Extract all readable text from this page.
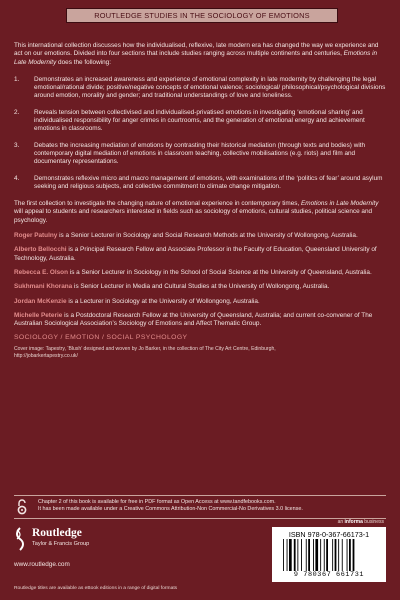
ROUTLEDGE STUDIES IN THE SOCIOLOGY OF EMOTIONS

This international collection discusses how the individualised, reflexive, late modern era has changed the way we experience and act on our emotions. Divided into four sections that include studies ranging across multiple continents and centuries, Emotions in Late Modernity does the following:

1. Demonstrates an increased awareness and experience of emotional complexity in late modernity by challenging the legal emotional/rational divide; positive/negative concepts of emotional valence; sociological/ philosophical/psychological divisions around emotion, morality and gender; and traditional understandings of love and loneliness.
2. Reveals tension between collectivised and individualised-privatised emotions in investigating ‘emotional sharing’ and individualised responsibility for anger crimes in courtrooms, and the generation of emotional energy and achievement emotions in classrooms.
3. Debates the increasing mediation of emotions by contrasting their historical mediation (through texts and bodies) with contemporary digital mediation of emotions in classroom teaching, collective mobilisations (e.g. riots) and film and documentary representations.
4. Demonstrates reflexive micro and macro management of emotions, with examinations of the ‘politics of fear’ around asylum seeking and religious subjects, and collective commitment to climate change mitigation.

The first collection to investigate the changing nature of emotional experience in contemporary times, Emotions in Late Modernity will appeal to students and researchers interested in fields such as sociology of emotions, cultural studies, political science and psychology.

Roger Patulny is a Senior Lecturer in Sociology and Social Research Methods at the University of Wollongong, Australia.

Alberto Bellocchi is a Principal Research Fellow and Associate Professor in the Faculty of Education, Queensland University of Technology, Australia.

Rebecca E. Olson is a Senior Lecturer in Sociology in the School of Social Science at the University of Queensland, Australia.

Sukhmani Khorana is Senior Lecturer in Media and Cultural Studies at the University of Wollongong, Australia.

Jordan McKenzie is a Lecturer in Sociology at the University of Wollongong, Australia.

Michelle Peterie is a Postdoctoral Research Fellow at the University of Queensland, Australia; and current co-convener of The Australian Sociological Association’s Sociology of Emotions and Affect Thematic Group.

SOCIOLOGY / EMOTION / SOCIAL PSYCHOLOGY
Cover image: Tapestry, ‘Blush’ designed and woven by Jo Barker, in the collection of The City Art Centre, Edinburgh,
http://jobarkertapestry.co.uk/
Chapter 2 of this book is available for free in PDF format as Open Access at www.tandfebooks.com.
It has been made available under a Creative Commons Attribution-Non Commercial-No Derivatives 3.0 license.
an informa business
Routledge
Taylor & Francis Group
www.routledge.com
ISBN 978-0-367-66173-1
9 780367 661731
Routledge titles are available as eBook editions in a range of digital formats
